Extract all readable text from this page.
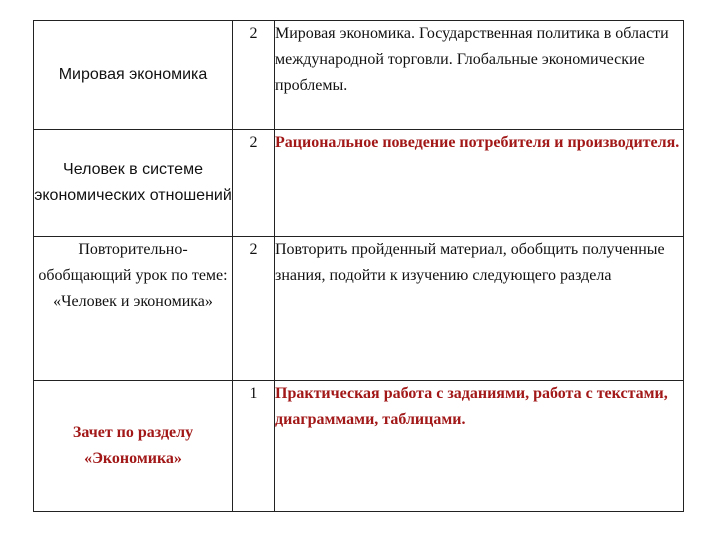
Мировая экономика	2	Мировая экономика. Государственная политика в области международной торговли. Глобальные экономические проблемы.
Человек в системе экономических отношений	2	Рациональное поведение потребителя и производителя.
Повторительно-обобщающий урок по теме: «Человек и экономика»	2	Повторить пройденный материал, обобщить полученные знания, подойти к изучению следующего раздела
Зачет по разделу «Экономика»	1	Практическая работа с заданиями, работа с текстами, диаграммами, таблицами.
